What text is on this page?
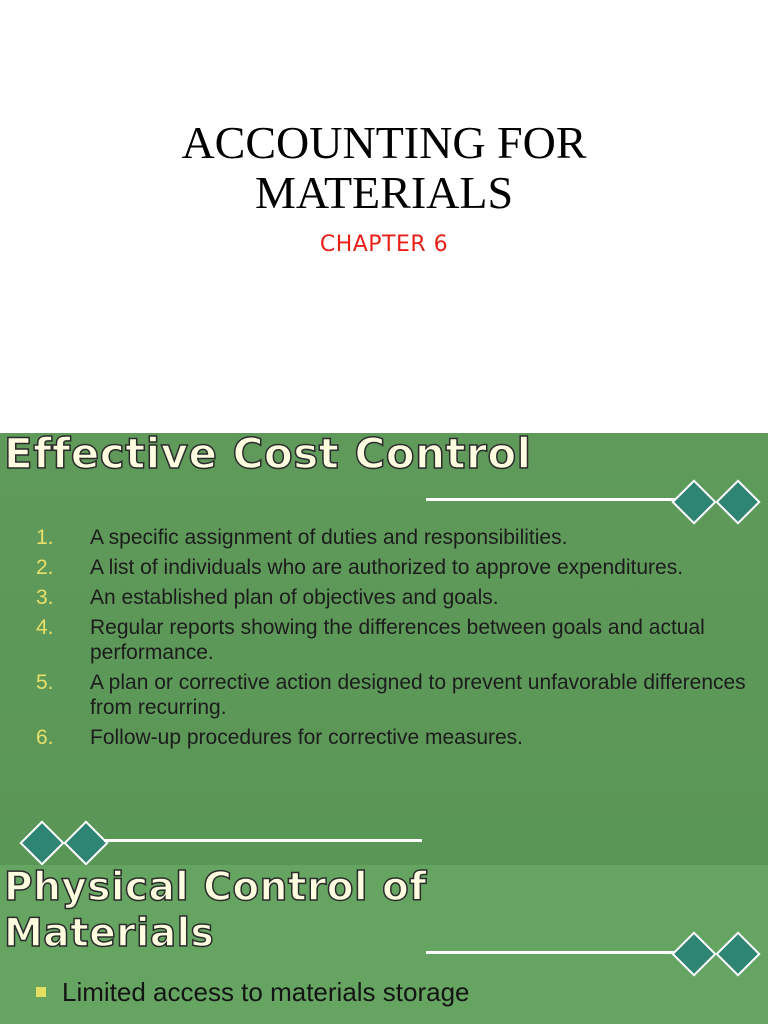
ACCOUNTING FOR MATERIALS
CHAPTER 6
Effective Cost Control
1. A specific assignment of duties and responsibilities.
2. A list of individuals who are authorized to approve expenditures.
3. An established plan of objectives and goals.
4. Regular reports showing the differences between goals and actual performance.
5. A plan or corrective action designed to prevent unfavorable differences from recurring.
6. Follow-up procedures for corrective measures.
Physical Control of
Materials
Limited access to materials storage
